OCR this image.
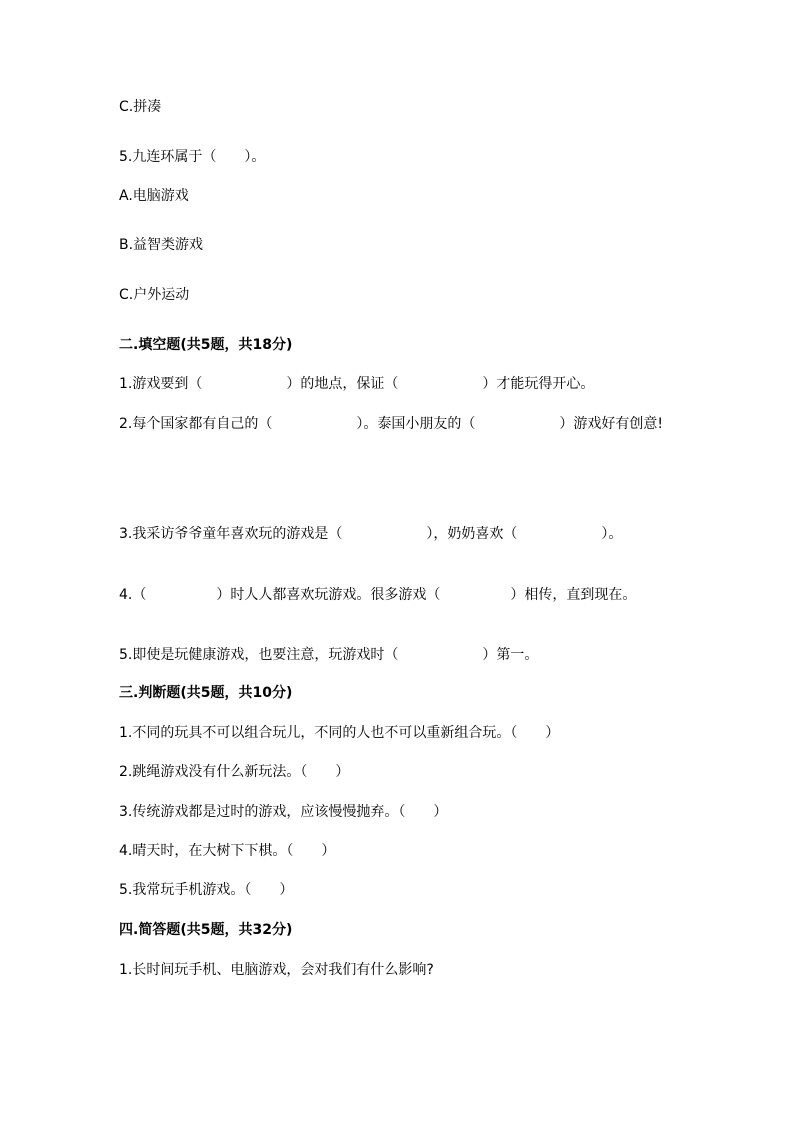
C.拼凑
5.九连环属于（　　）。
A.电脑游戏
B.益智类游戏
C.户外运动
二.填空题(共5题，共18分)
1.游戏要到（　　　　　　）的地点，保证（　　　　　　）才能玩得开心。
2.每个国家都有自己的（　　　　　　）。泰国小朋友的（　　　　　　）游戏好有创意!
3.我采访爷爷童年喜欢玩的游戏是（　　　　　　），奶奶喜欢（　　　　　　）。
4.（　　　　　）时人人都喜欢玩游戏。很多游戏（　　　　　）相传，直到现在。
5.即使是玩健康游戏，也要注意，玩游戏时（　　　　　　）第一。
三.判断题(共5题，共10分)
1.不同的玩具不可以组合玩儿，不同的人也不可以重新组合玩。（　　）
2.跳绳游戏没有什么新玩法。（　　）
3.传统游戏都是过时的游戏，应该慢慢抛弃。（　　）
4.晴天时，在大树下下棋。（　　）
5.我常玩手机游戏。（　　）
四.简答题(共5题，共32分)
1.长时间玩手机、电脑游戏，会对我们有什么影响?
